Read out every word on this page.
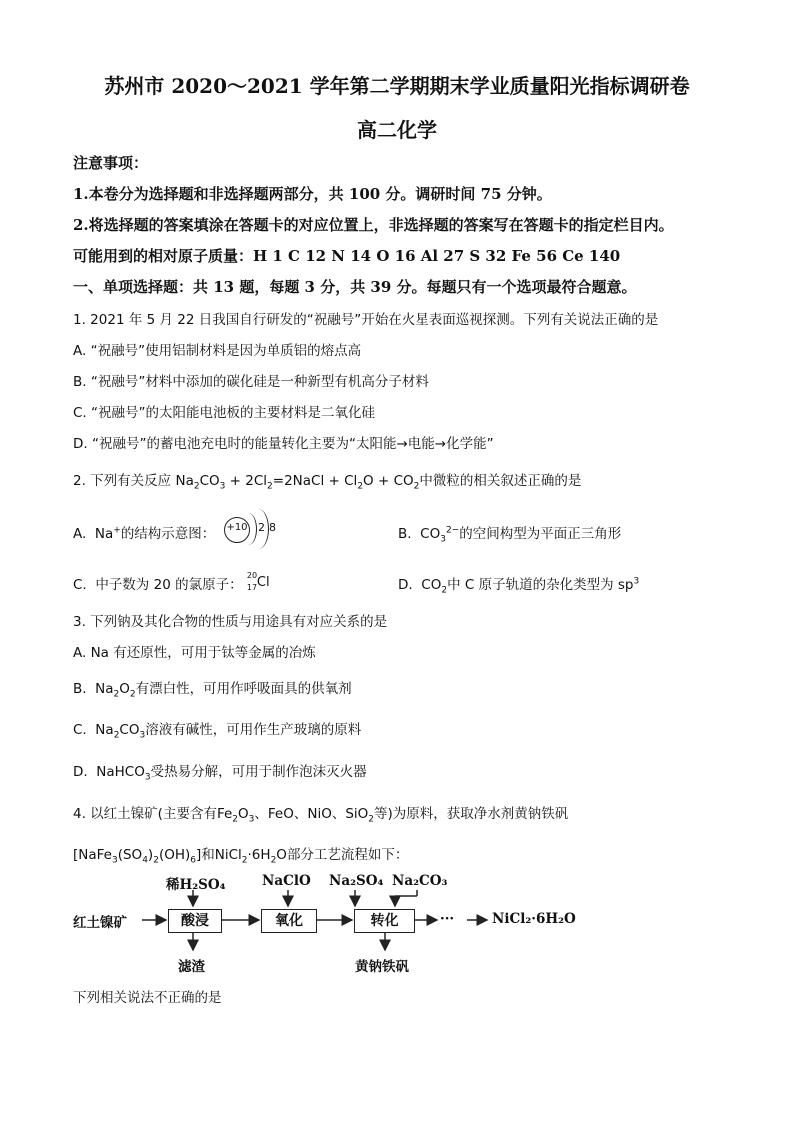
苏州市 2020～2021 学年第二学期期末学业质量阳光指标调研卷
高二化学
注意事项：
1.本卷分为选择题和非选择题两部分，共 100 分。调研时间 75 分钟。
2.将选择题的答案填涂在答题卡的对应位置上，非选择题的答案写在答题卡的指定栏目内。
可能用到的相对原子质量：H 1 C 12 N 14 O 16 Al 27 S 32 Fe 56 Ce 140
一、单项选择题：共 13 题，每题 3 分，共 39 分。每题只有一个选项最符合题意。
1. 2021 年 5 月 22 日我国自行研发的“祝融号”开始在火星表面巡视探测。下列有关说法正确的是
A. “祝融号”使用铝制材料是因为单质铝的熔点高
B. “祝融号”材料中添加的碳化硅是一种新型有机高分子材料
C. “祝融号”的太阳能电池板的主要材料是二氧化硅
D. “祝融号”的蓄电池充电时的能量转化主要为“太阳能→电能→化学能”
2. 下列有关反应 $Na_2CO_3$ + $2Cl_2=2NaCl + Cl_2O + CO_2$中微粒的相关叙述正确的是
A.  Na+的结构示意图： +10 2 8	B.  $CO_3^{2-}$的空间构型为平面正三角形
C. 中子数为 20 的氯原子：
20
17 Cl	D.  $CO_2$中 C 原子轨道的杂化类型为 $sp^3$
3. 下列钠及其化合物的性质与用途具有对应关系的是
A. Na 有还原性，可用于钛等金属的冶炼
B.  $Na_2O_2$有漂白性，可用作呼吸面具的供氧剂
C.  $Na_2CO_3$溶液有碱性，可用作生产玻璃的原料
D.  NaHCO$_3$受热易分解，可用于制作泡沫灭火器
4. 以红土镍矿(主要含有$Fe_2O_3$、FeO、NiO、SiO$_2$等)为原料，获取净水剂黄钠铁矾
$[NaFe_3(SO_4)_2(OH)_6]$和$NiCl_2\cdot 6H_2O$部分工艺流程如下：
红土镍矿	酸浸	氧化	转化	···	NiCl₂·6H₂O
稀H₂SO₄	NaClO Na₂SO₄ Na₂CO₃
滤渣	黄钠铁矾
下列相关说法不正确的是
